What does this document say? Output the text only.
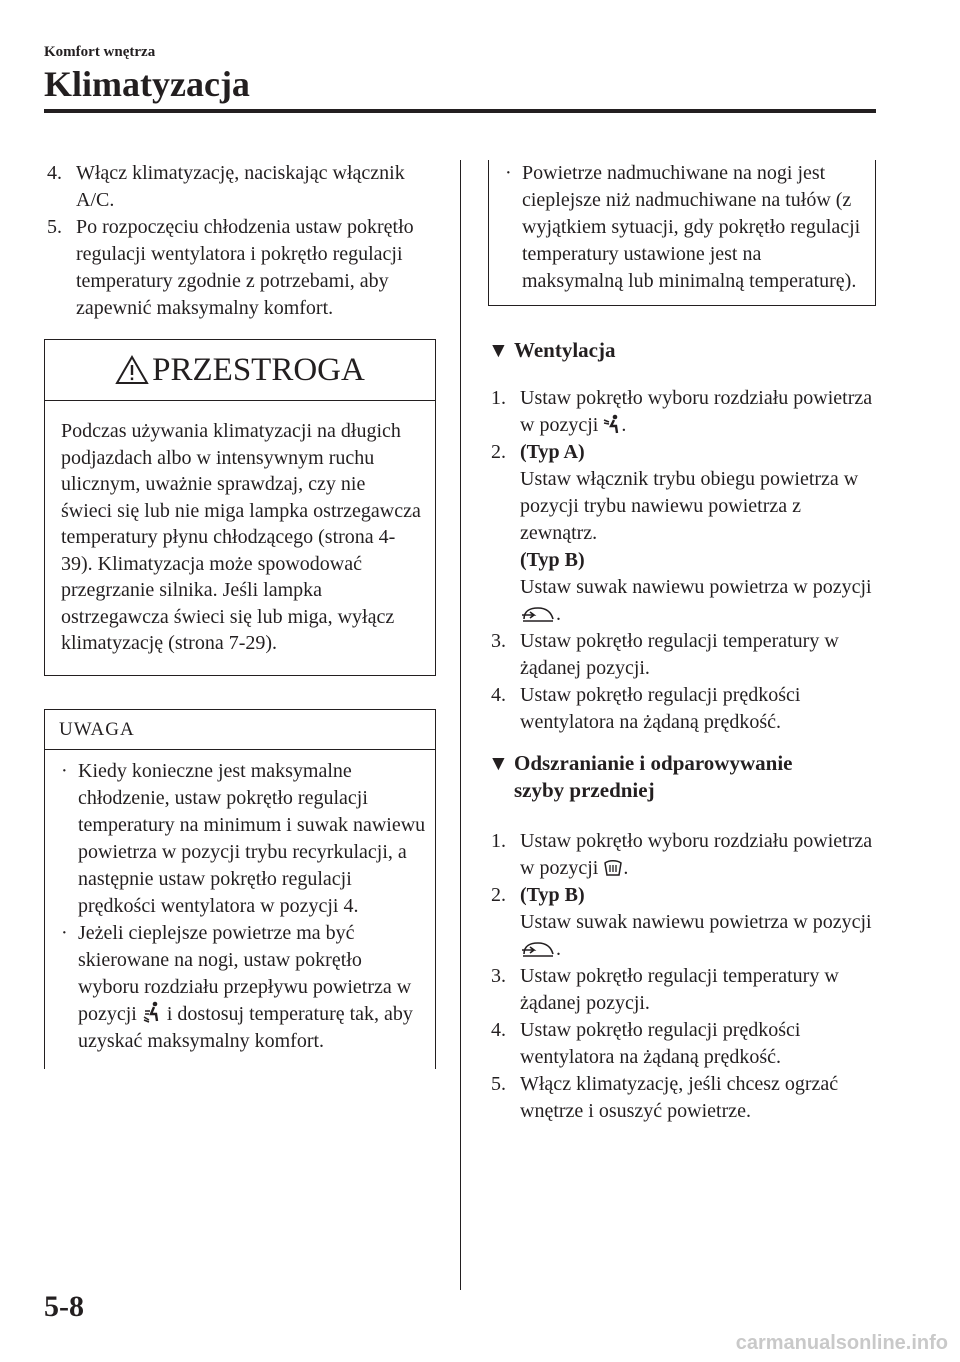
Komfort wnętrza
Klimatyzacja
4. Włącz klimatyzację, naciskając włącznik A/C.
5. Po rozpoczęciu chłodzenia ustaw pokrętło regulacji wentylatora i pokrętło regulacji temperatury zgodnie z potrzebami, aby zapewnić maksymalny komfort.
PRZESTROGA
Podczas używania klimatyzacji na długich podjazdach albo w intensywnym ruchu ulicznym, uważnie sprawdzaj, czy nie świeci się lub nie miga lampka ostrzegawcza temperatury płynu chłodzącego (strona 4-39). Klimatyzacja może spowodować przegrzanie silnika. Jeśli lampka ostrzegawcza świeci się lub miga, wyłącz klimatyzację (strona 7-29).
UWAGA
· Kiedy konieczne jest maksymalne chłodzenie, ustaw pokrętło regulacji temperatury na minimum i suwak nawiewu powietrza w pozycji trybu recyrkulacji, a następnie ustaw pokrętło regulacji prędkości wentylatora w pozycji 4.
· Jeżeli cieplejsze powietrze ma być skierowane na nogi, ustaw pokrętło wyboru rozdziału przepływu powietrza w pozycji i dostosuj temperaturę tak, aby uzyskać maksymalny komfort.
· Powietrze nadmuchiwane na nogi jest cieplejsze niż nadmuchiwane na tułów (z wyjątkiem sytuacji, gdy pokrętło regulacji temperatury ustawione jest na maksymalną lub minimalną temperaturę).
▼ Wentylacja
1. Ustaw pokrętło wyboru rozdziału powietrza w pozycji .
2. (Typ A)
Ustaw włącznik trybu obiegu powietrza w pozycji trybu nawiewu powietrza z zewnątrz.
(Typ B)
Ustaw suwak nawiewu powietrza w pozycji .
3. Ustaw pokrętło regulacji temperatury w żądanej pozycji.
4. Ustaw pokrętło regulacji prędkości wentylatora na żądaną prędkość.
▼ Odszranianie i odparowywanie
szyby przedniej
1. Ustaw pokrętło wyboru rozdziału powietrza w pozycji .
2. (Typ B)
Ustaw suwak nawiewu powietrza w pozycji .
3. Ustaw pokrętło regulacji temperatury w żądanej pozycji.
4. Ustaw pokrętło regulacji prędkości wentylatora na żądaną prędkość.
5. Włącz klimatyzację, jeśli chcesz ogrzać wnętrze i osuszyć powietrze.
5-8
carmanualsonline.info
